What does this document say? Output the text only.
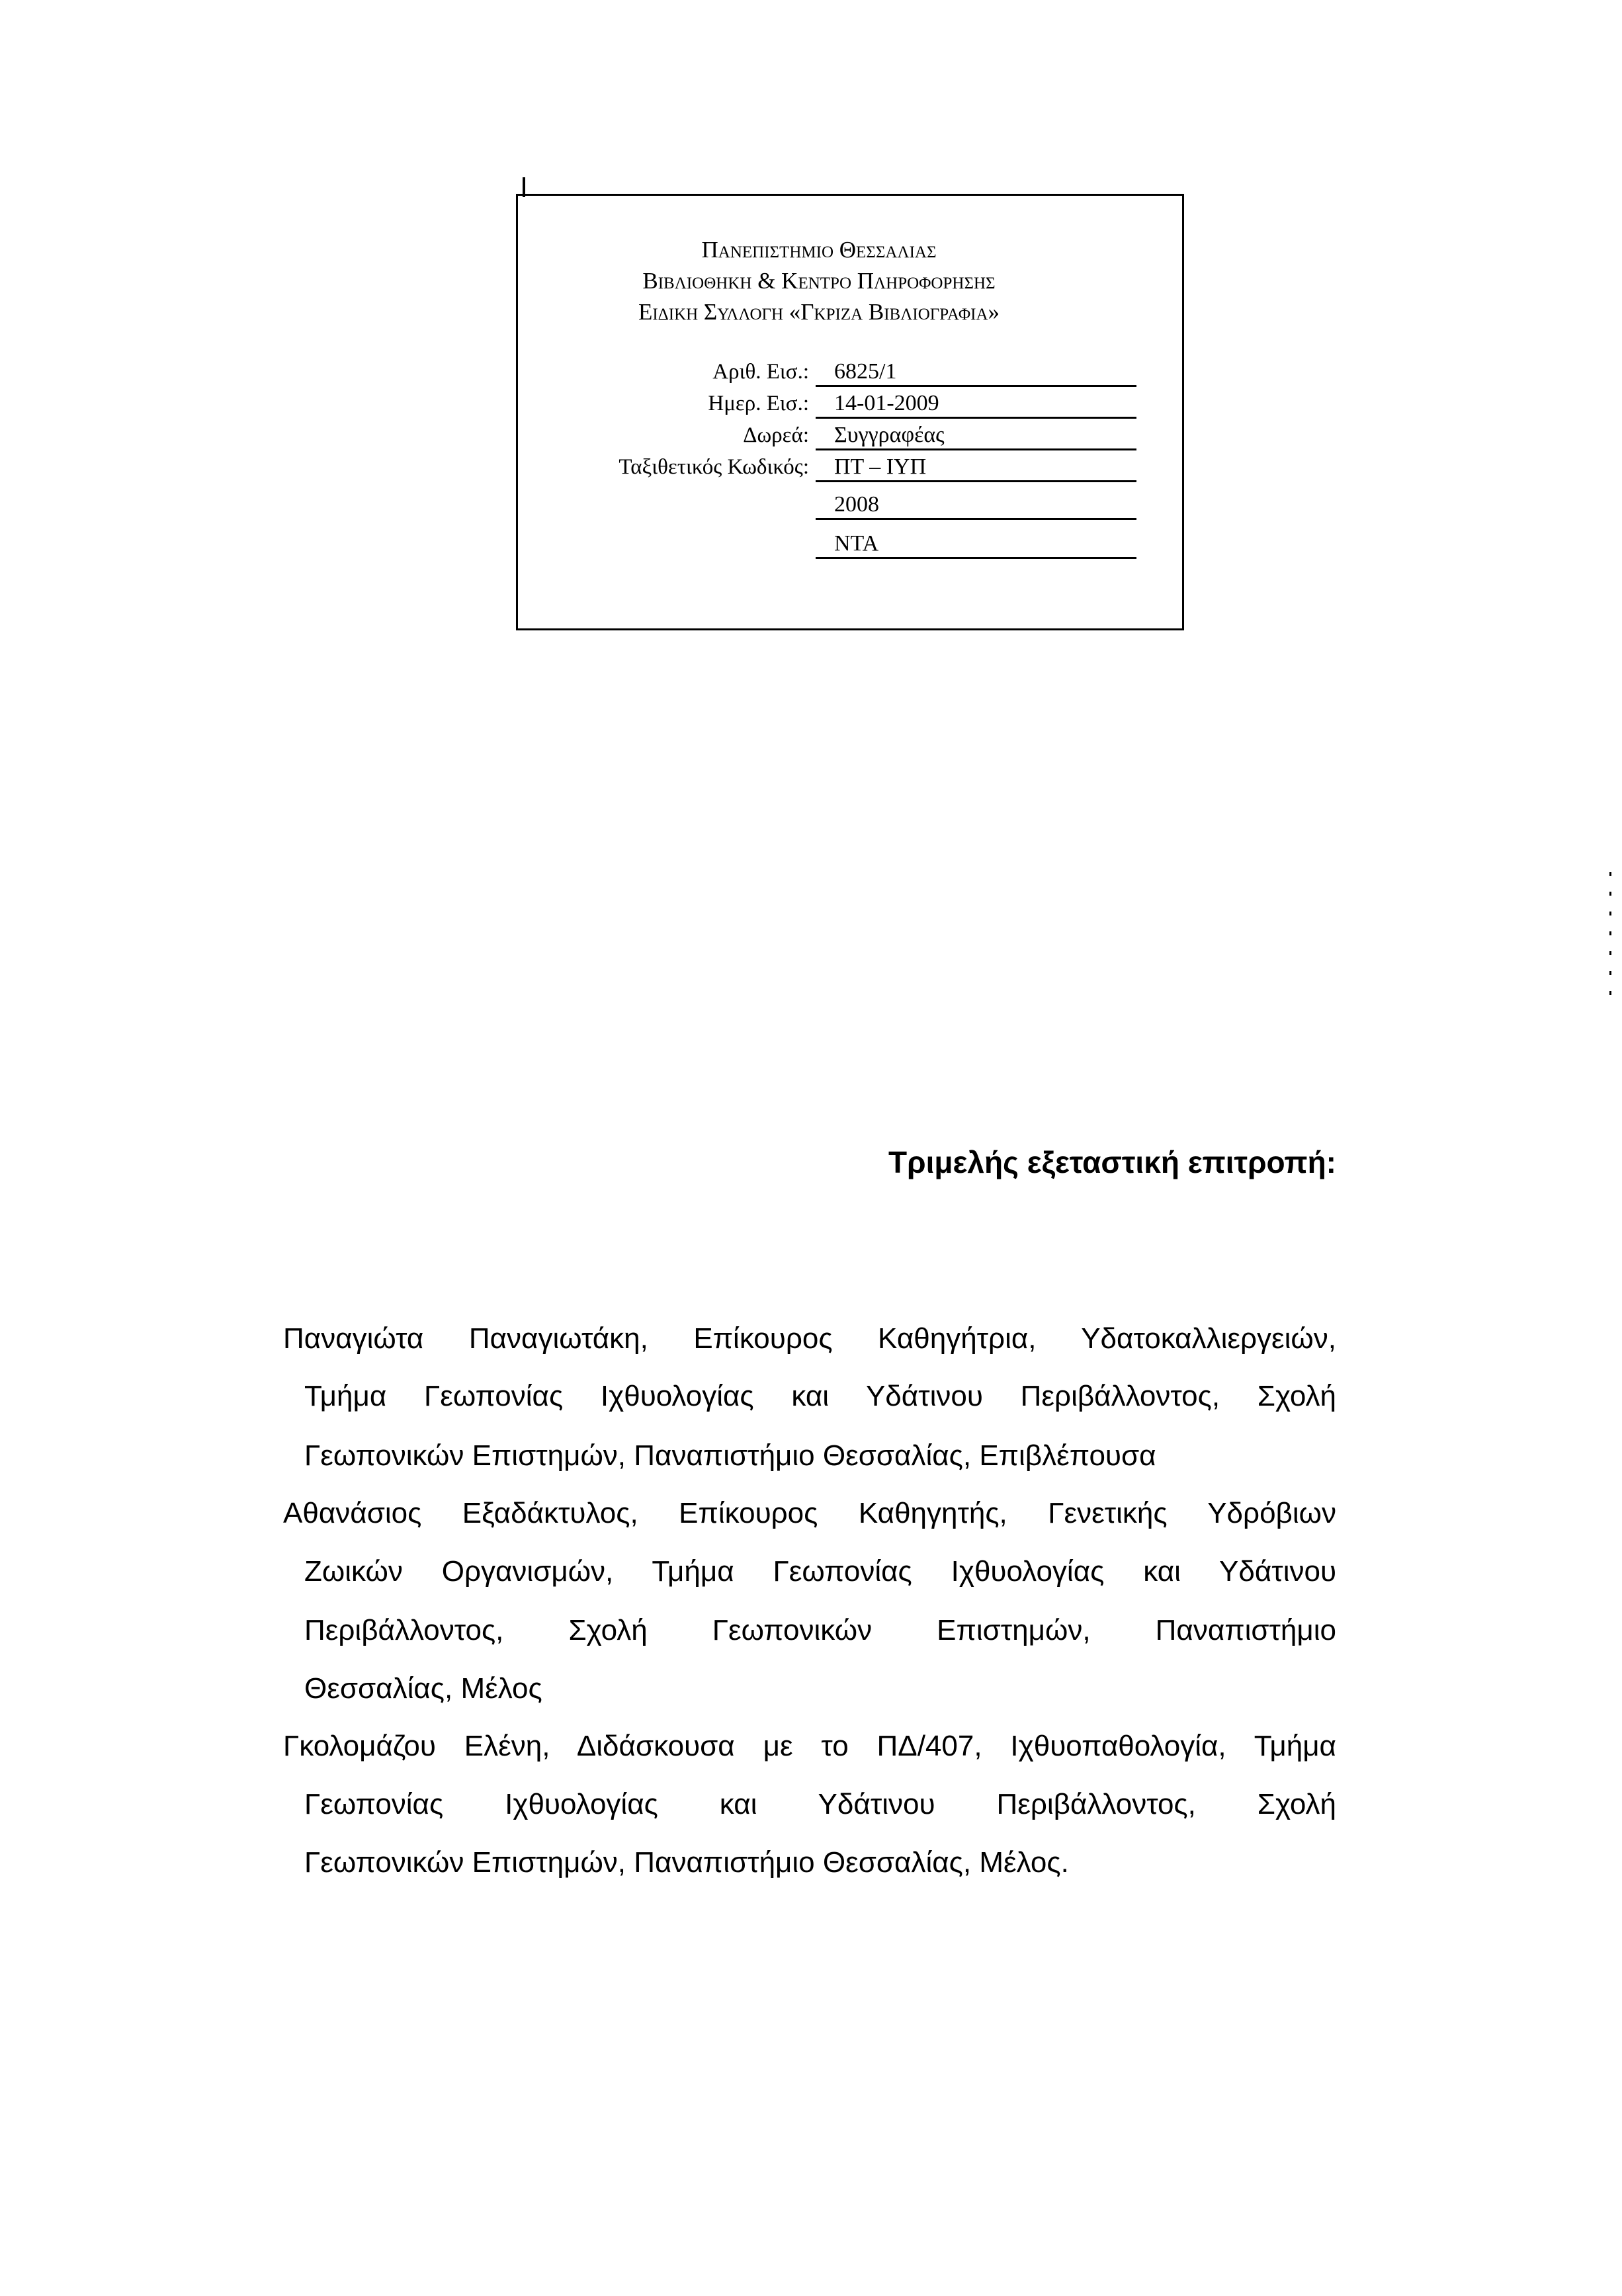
Πανεπιστημιο Θεσσαλιας
Βιβλιοθηκη & Κεντρο Πληροφορησης
Ειδικη Συλλογη «Γκριζα Βιβλιογραφια»
Αριθ. Εισ.:	6825/1
Ημερ. Εισ.:	14-01-2009
Δωρεά:	Συγγραφέας
Ταξιθετικός Κωδικός:	ΠΤ – ΙΥΠ
2008
ΝΤΑ
Τριμελής εξεταστική επιτροπή:
Παναγιώτα Παναγιωτάκη, Επίκουρος Καθηγήτρια, Υδατοκαλλιεργειών,
Τμήμα Γεωπονίας Ιχθυολογίας και Υδάτινου Περιβάλλοντος, Σχολή
Γεωπονικών Επιστημών, Παναπιστήμιο Θεσσαλίας, Επιβλέπουσα
Αθανάσιος Εξαδάκτυλος, Επίκουρος Καθηγητής, Γενετικής Υδρόβιων
Ζωικών Οργανισμών, Τμήμα Γεωπονίας Ιχθυολογίας και Υδάτινου
Περιβάλλοντος, Σχολή Γεωπονικών Επιστημών, Παναπιστήμιο
Θεσσαλίας, Μέλος
Γκολομάζου Ελένη, Διδάσκουσα με το ΠΔ/407, Ιχθυοπαθολογία, Τμήμα
Γεωπονίας Ιχθυολογίας και Υδάτινου Περιβάλλοντος, Σχολή
Γεωπονικών Επιστημών, Παναπιστήμιο Θεσσαλίας, Μέλος.
